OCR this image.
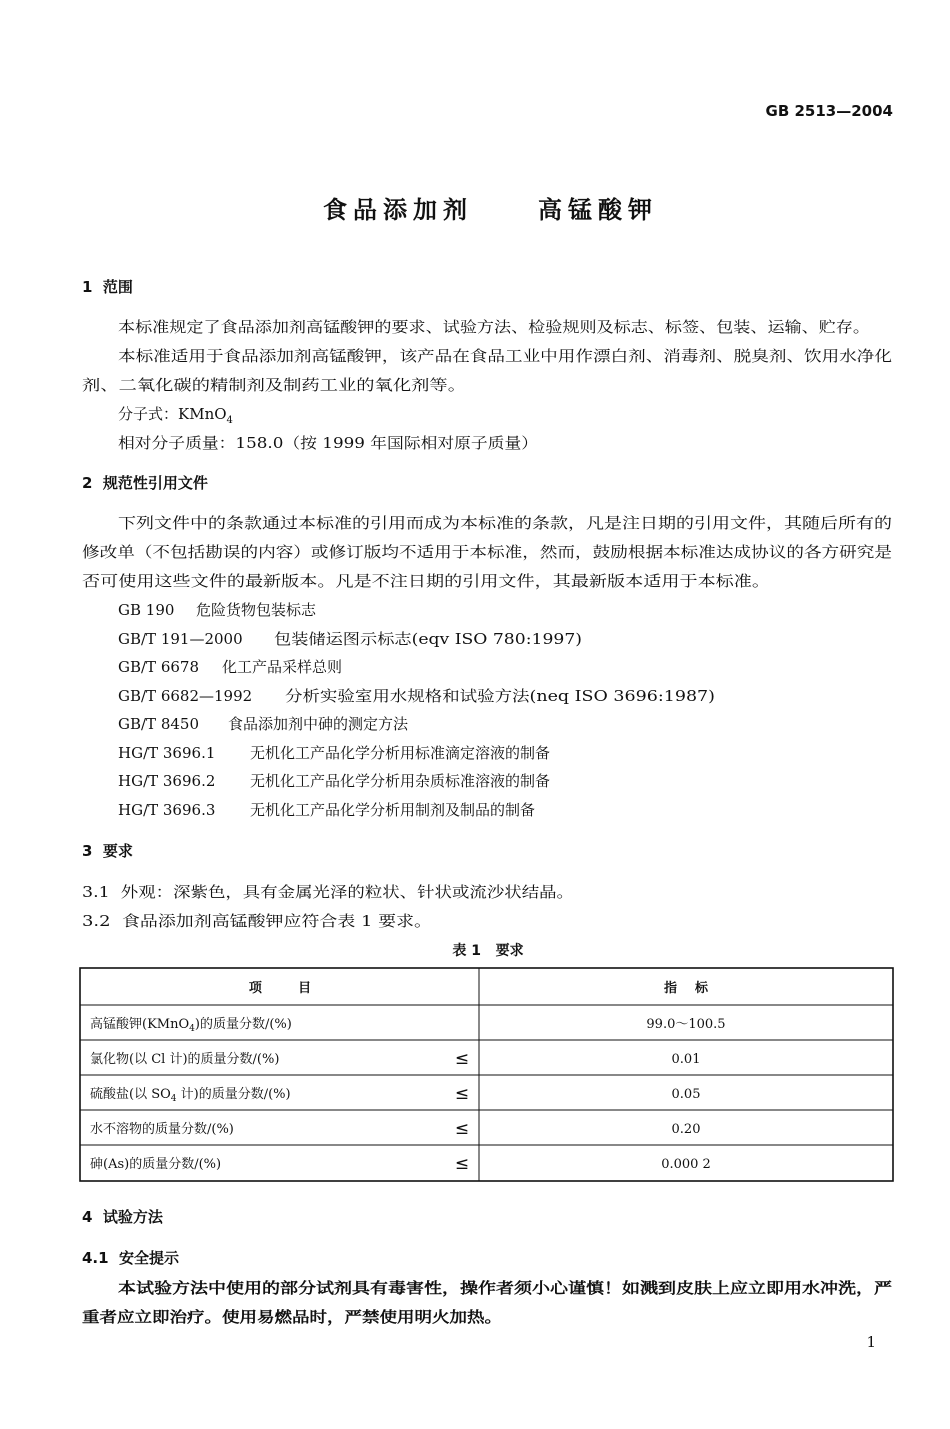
GB 2513—2004
食品添加剂	高锰酸钾
1  范围
本标准规定了食品添加剂高锰酸钾的要求、试验方法、检验规则及标志、标签、包装、运输、贮存。
本标准适用于食品添加剂高锰酸钾，该产品在食品工业中用作漂白剂、消毒剂、脱臭剂、饮用水净化
剂、二氧化碳的精制剂及制药工业的氧化剂等。
分子式：KMnO$_4$
相对分子质量：158.0（按 1999 年国际相对原子质量）
2  规范性引用文件
下列文件中的条款通过本标准的引用而成为本标准的条款，凡是注日期的引用文件，其随后所有的
修改单（不包括勘误的内容）或修订版均不适用于本标准，然而，鼓励根据本标准达成协议的各方研究是
否可使用这些文件的最新版本。凡是不注日期的引用文件，其最新版本适用于本标准。
GB 190 危险货物包装标志
GB/T 191—2000 包装储运图示标志(eqv ISO 780:1997)
GB/T 6678 化工产品采样总则
GB/T 6682—1992 分析实验室用水规格和试验方法(neq ISO 3696:1987)
GB/T 8450 食品添加剂中砷的测定方法
HG/T 3696.1 无机化工产品化学分析用标准滴定溶液的制备
HG/T 3696.2 无机化工产品化学分析用杂质标准溶液的制备
HG/T 3696.3 无机化工产品化学分析用制剂及制品的制备
3  要求
3.1  外观：深紫色，具有金属光泽的粒状、针状或流沙状结晶。
3.2  食品添加剂高锰酸钾应符合表 1 要求。
表 1   要求
项        目	指    标
高锰酸钾(KMnO$_4$)的质量分数/(%)	99.0～100.5
氯化物(以 Cl 计)的质量分数/(%)	≤	0.01
硫酸盐(以 $SO_4$ 计)的质量分数/(%)	≤	0.05
水不溶物的质量分数/(%)	≤	0.20
砷(As)的质量分数/(%)	≤	0.000 2
4  试验方法
4.1  安全提示
本试验方法中使用的部分试剂具有毒害性，操作者须小心谨慎！如溅到皮肤上应立即用水冲洗，严
重者应立即治疗。使用易燃品时，严禁使用明火加热。
1
